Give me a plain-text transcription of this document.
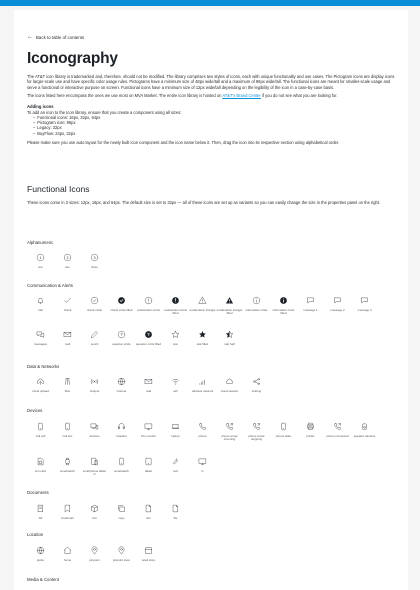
← Back to table of contents
Iconography

The AT&T icon library is trademarked and, therefore, should not be modified. The library comprises two styles of icons, each with unique functionality and use cases. The Pictogram icons are display icons for larger-scale use and have specific color usage rules. Pictograms have a minimum size of 48px wide/tall and a maximum of 96px wide/tall. The functional icons are meant for smaller-scale usage and serve a functional or interactive purpose on screen. Functional icons have a minimum size of 12px wide/tall depending on the legibility of the icon in a case-by-case basis.

The icons listed here encompass the ones we use most on MVA Market. The entire icon library is hosted on AT&T's Brand Center if you do not see what you are looking for.

Adding icons

To add an icon to the Icon library, ensure that you create a component using all sizes:

– Functional icons: 16px, 32px, 64px
– Pictogram icon: 96px
– Legacy: 32px
– BuyFlow: 24px, 32px

Please make sure you use auto layout for the newly built icon component and the icon name below it. Then, drag the icon into its respective section using alphabetical order.

Functional Icons

These icons come in 3 sizes: 12px, 16px, and 64px. The default size is set to 32px — all of these icons are set up as variants so you can easily change the size in the properties panel on the right.

Alphanumeric
1
one
2
two
3
three
Communication & Alerts
bell	check	check circle	check circle filled	exclamation circle	exclamation circle filled
exclamation triangle exclamation triangle filled
information circle	information circle filled
message 1	message 2	message 3
messages	mail	pencil
?
question circle
?
question circle filled	star	star filled	star half
Data & Networks
cloud upload	fiber	hotspot	internet	mail	wifi	wireless network	cloud session	sharing
Devices
cell cell	cell sim	devices	headset	info monitor	laptop	phone	phone arrow incoming
phone arrow outgoing
phone slate	printer	phone connected	speaker wireless
sim card	smartwatch	smartphone tablet in
smartwatch	tablet	tool	tv
Documents
bill	bookmark	box	copy	doc	file
Location
globe	home	pinpoint	pinpoint store	retail store
Media & Content
